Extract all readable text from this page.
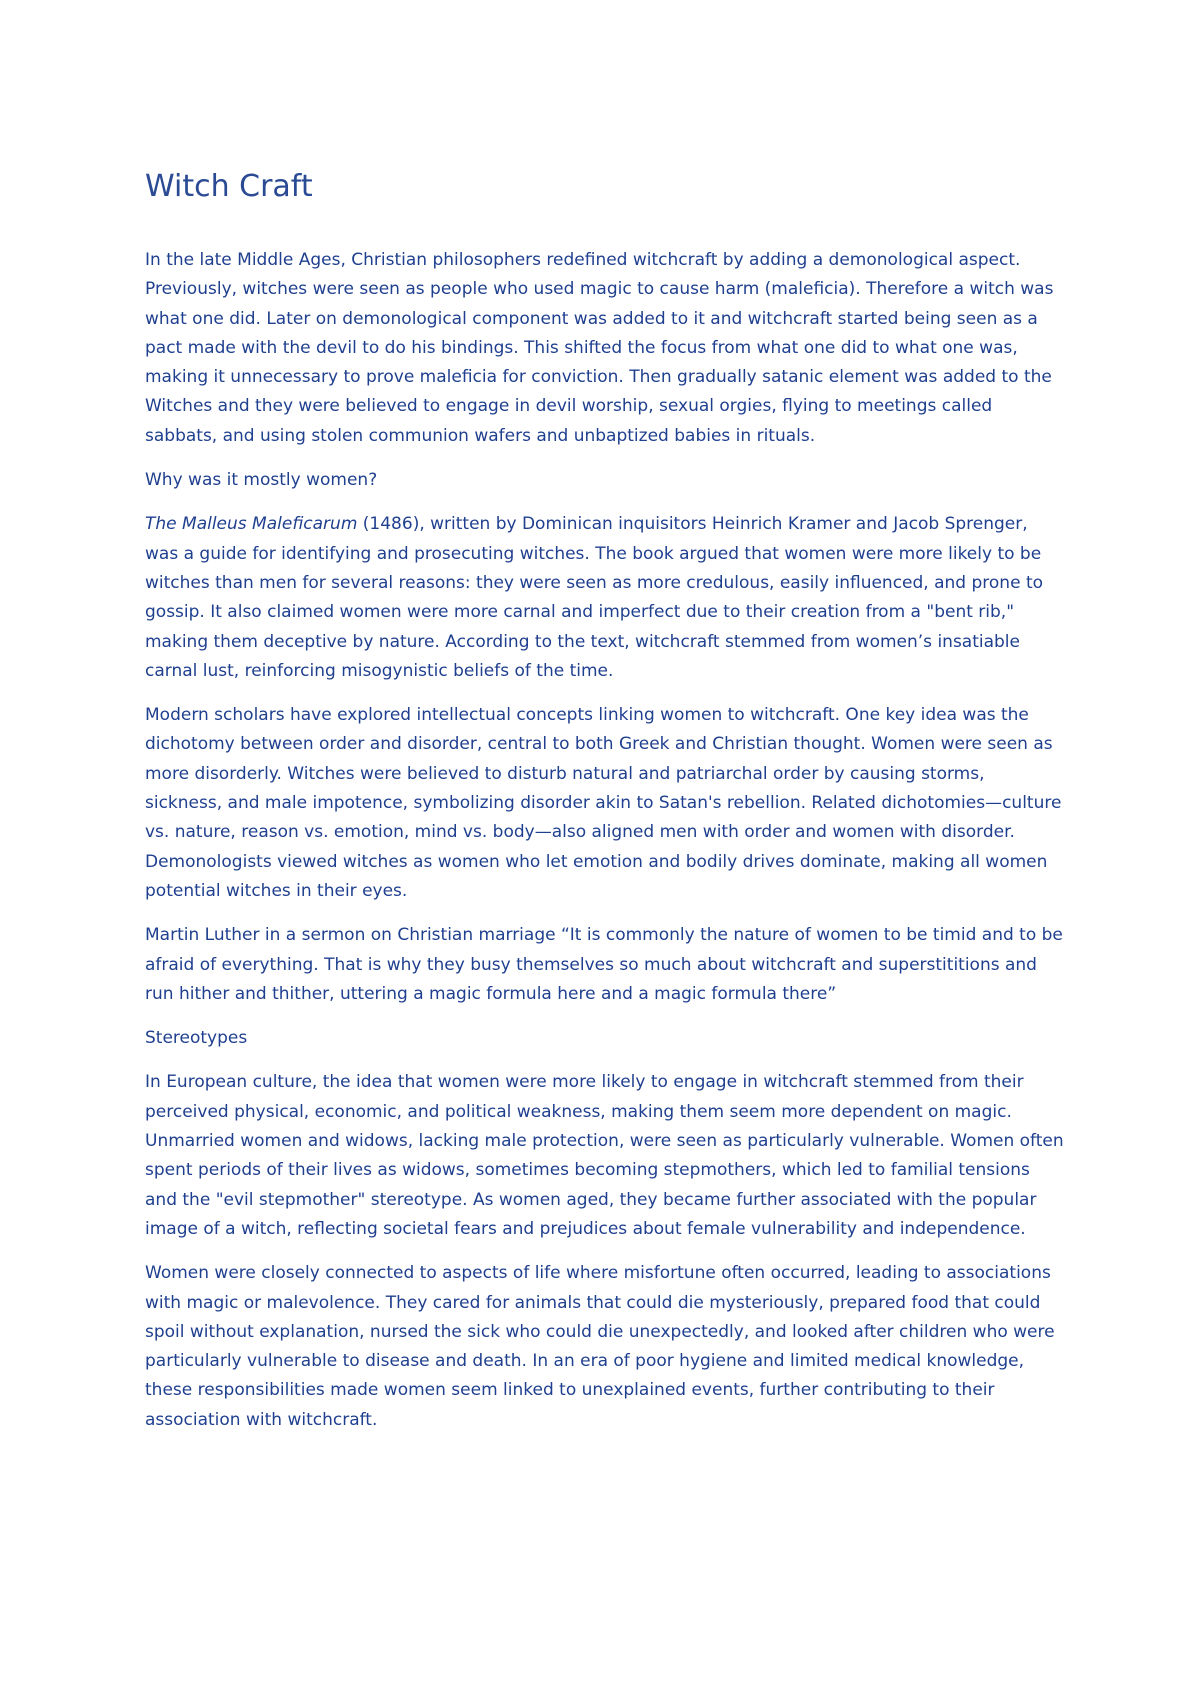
Witch Craft

In the late Middle Ages, Christian philosophers redefined witchcraft by adding a demonological aspect. Previously, witches were seen as people who used magic to cause harm (maleficia). Therefore a witch was what one did. Later on demonological component was added to it and witchcraft started being seen as a pact made with the devil to do his bindings. This shifted the focus from what one did to what one was, making it unnecessary to prove maleficia for conviction. Then gradually satanic element was added to the Witches and they were believed to engage in devil worship, sexual orgies, flying to meetings called sabbats, and using stolen communion wafers and unbaptized babies in rituals.

Why was it mostly women?

The Malleus Maleficarum (1486), written by Dominican inquisitors Heinrich Kramer and Jacob Sprenger, was a guide for identifying and prosecuting witches. The book argued that women were more likely to be witches than men for several reasons: they were seen as more credulous, easily influenced, and prone to gossip. It also claimed women were more carnal and imperfect due to their creation from a "bent rib," making them deceptive by nature. According to the text, witchcraft stemmed from women’s insatiable carnal lust, reinforcing misogynistic beliefs of the time.

Modern scholars have explored intellectual concepts linking women to witchcraft. One key idea was the dichotomy between order and disorder, central to both Greek and Christian thought. Women were seen as more disorderly. Witches were believed to disturb natural and patriarchal order by causing storms, sickness, and male impotence, symbolizing disorder akin to Satan's rebellion. Related dichotomies—culture vs. nature, reason vs. emotion, mind vs. body—also aligned men with order and women with disorder. Demonologists viewed witches as women who let emotion and bodily drives dominate, making all women potential witches in their eyes.

Martin Luther in a sermon on Christian marriage “It is commonly the nature of women to be timid and to be afraid of everything. That is why they busy themselves so much about witchcraft and superstititions and run hither and thither, uttering a magic formula here and a magic formula there”

Stereotypes

In European culture, the idea that women were more likely to engage in witchcraft stemmed from their perceived physical, economic, and political weakness, making them seem more dependent on magic. Unmarried women and widows, lacking male protection, were seen as particularly vulnerable. Women often spent periods of their lives as widows, sometimes becoming stepmothers, which led to familial tensions and the "evil stepmother" stereotype. As women aged, they became further associated with the popular image of a witch, reflecting societal fears and prejudices about female vulnerability and independence.

Women were closely connected to aspects of life where misfortune often occurred, leading to associations with magic or malevolence. They cared for animals that could die mysteriously, prepared food that could spoil without explanation, nursed the sick who could die unexpectedly, and looked after children who were particularly vulnerable to disease and death. In an era of poor hygiene and limited medical knowledge, these responsibilities made women seem linked to unexplained events, further contributing to their association with witchcraft.
